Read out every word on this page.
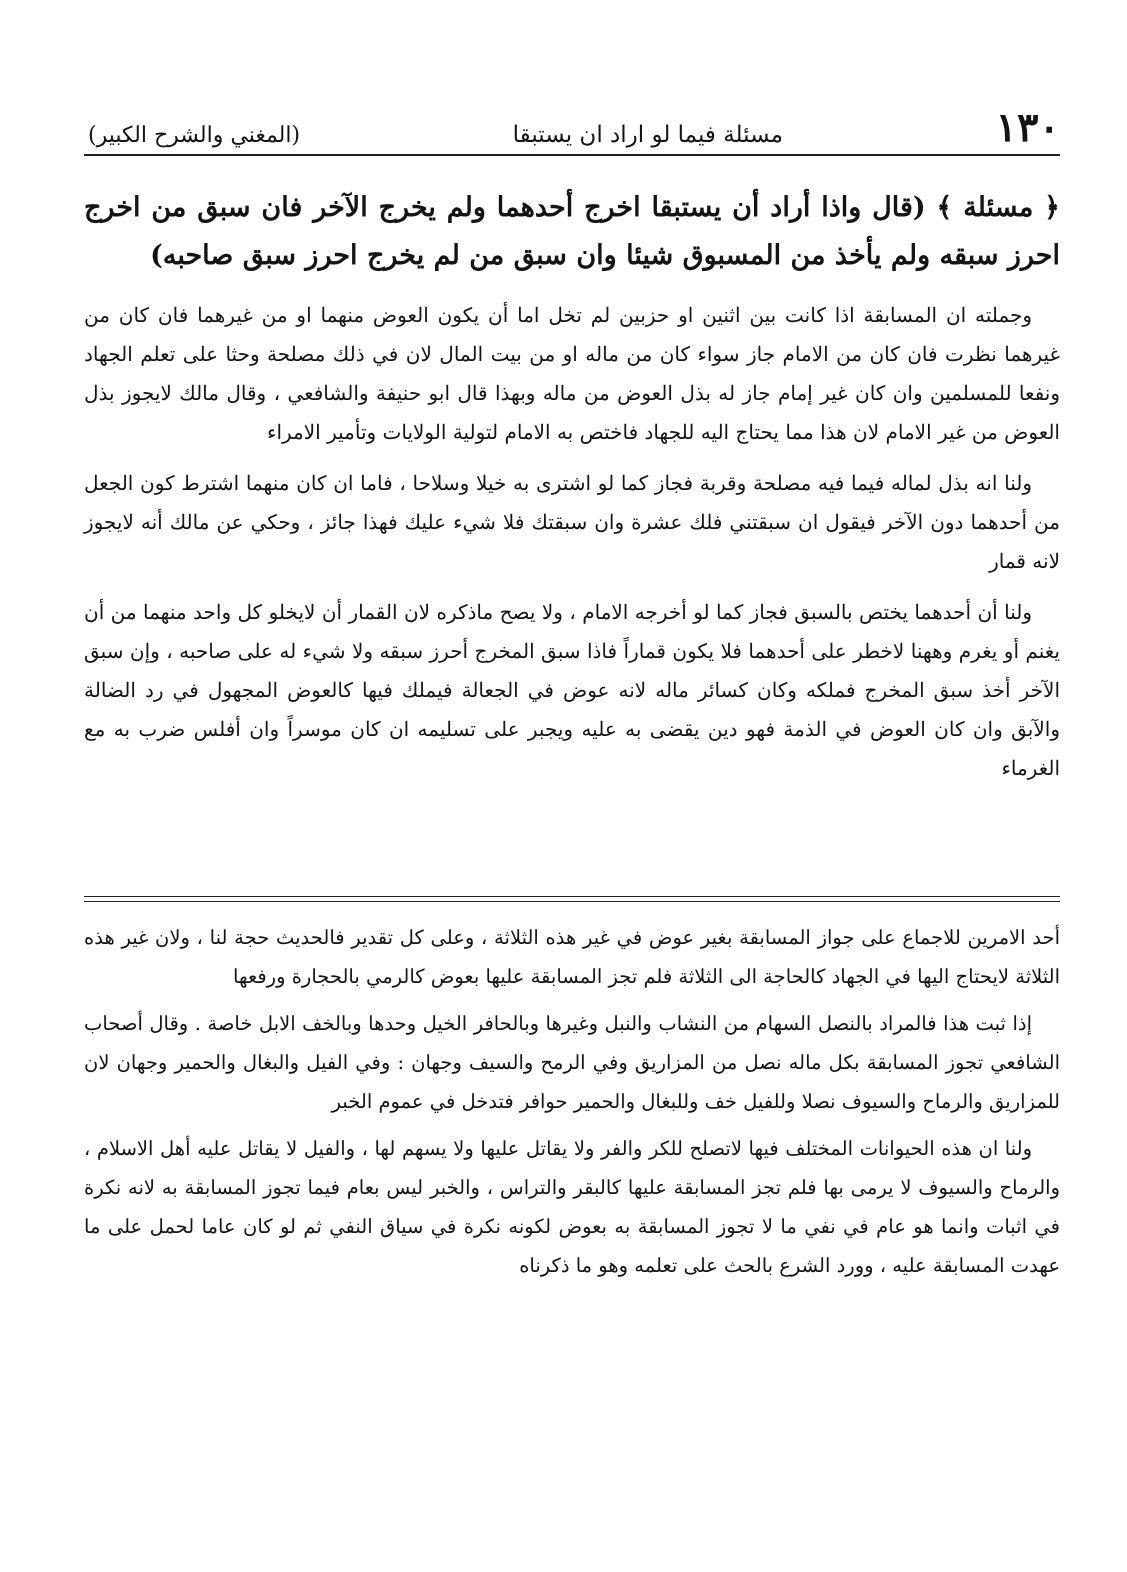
١٣٠
مسئلة فيما لو اراد ان يستبقا
(المغني والشرح الكبير)

﴿ مسئلة ﴾ (قال واذا أراد أن يستبقا اخرج أحدهما ولم يخرج الآخر فان سبق من اخرج احرز سبقه ولم يأخذ من المسبوق شيئا وان سبق من لم يخرج احرز سبق صاحبه)

وجملته ان المسابقة اذا كانت بين اثنين او حزبين لم تخل اما أن يكون العوض منهما او من غيرهما فان كان من غيرهما نظرت فان كان من الامام جاز سواء كان من ماله او من بيت المال لان في ذلك مصلحة وحثا على تعلم الجهاد ونفعا للمسلمين وان كان غير إمام جاز له بذل العوض من ماله وبهذا قال ابو حنيفة والشافعي ، وقال مالك لايجوز بذل العوض من غير الامام لان هذا مما يحتاج اليه للجهاد فاختص به الامام لتولية الولايات وتأمير الامراء

ولنا انه بذل لماله فيما فيه مصلحة وقربة فجاز كما لو اشترى به خيلا وسلاحا ، فاما ان كان منهما اشترط كون الجعل من أحدهما دون الآخر فيقول ان سبقتني فلك عشرة وان سبقتك فلا شيء عليك فهذا جائز ، وحكي عن مالك أنه لايجوز لانه قمار

ولنا أن أحدهما يختص بالسبق فجاز كما لو أخرجه الامام ، ولا يصح ماذكره لان القمار أن لايخلو كل واحد منهما من أن يغنم أو يغرم وههنا لاخطر على أحدهما فلا يكون قماراً فاذا سبق المخرج أحرز سبقه ولا شيء له على صاحبه ، وإن سبق الآخر أخذ سبق المخرج فملكه وكان كسائر ماله لانه عوض في الجعالة فيملك فيها كالعوض المجهول في رد الضالة والآبق وان كان العوض في الذمة فهو دين يقضى به عليه ويجبر على تسليمه ان كان موسراً وان أفلس ضرب به مع الغرماء

أحد الامرين للاجماع على جواز المسابقة بغير عوض في غير هذه الثلاثة ، وعلى كل تقدير فالحديث حجة لنا ، ولان غير هذه الثلاثة لايحتاج اليها في الجهاد كالحاجة الى الثلاثة فلم تجز المسابقة عليها بعوض كالرمي بالحجارة ورفعها

إذا ثبت هذا فالمراد بالنصل السهام من النشاب والنبل وغيرها وبالحافر الخيل وحدها وبالخف الابل خاصة . وقال أصحاب الشافعي تجوز المسابقة بكل ماله نصل من المزاريق وفي الرمح والسيف وجهان : وفي الفيل والبغال والحمير وجهان لان للمزاريق والرماح والسيوف نصلا وللفيل خف وللبغال والحمير حوافر فتدخل في عموم الخبر

ولنا ان هذه الحيوانات المختلف فيها لاتصلح للكر والفر ولا يقاتل عليها ولا يسهم لها ، والفيل لا يقاتل عليه أهل الاسلام ، والرماح والسيوف لا يرمى بها فلم تجز المسابقة عليها كالبقر والتراس ، والخبر ليس بعام فيما تجوز المسابقة به لانه نكرة في اثبات وانما هو عام في نفي ما لا تجوز المسابقة به بعوض لكونه نكرة في سياق النفي ثم لو كان عاما لحمل على ما عهدت المسابقة عليه ، وورد الشرع بالحث على تعلمه وهو ما ذكرناه
